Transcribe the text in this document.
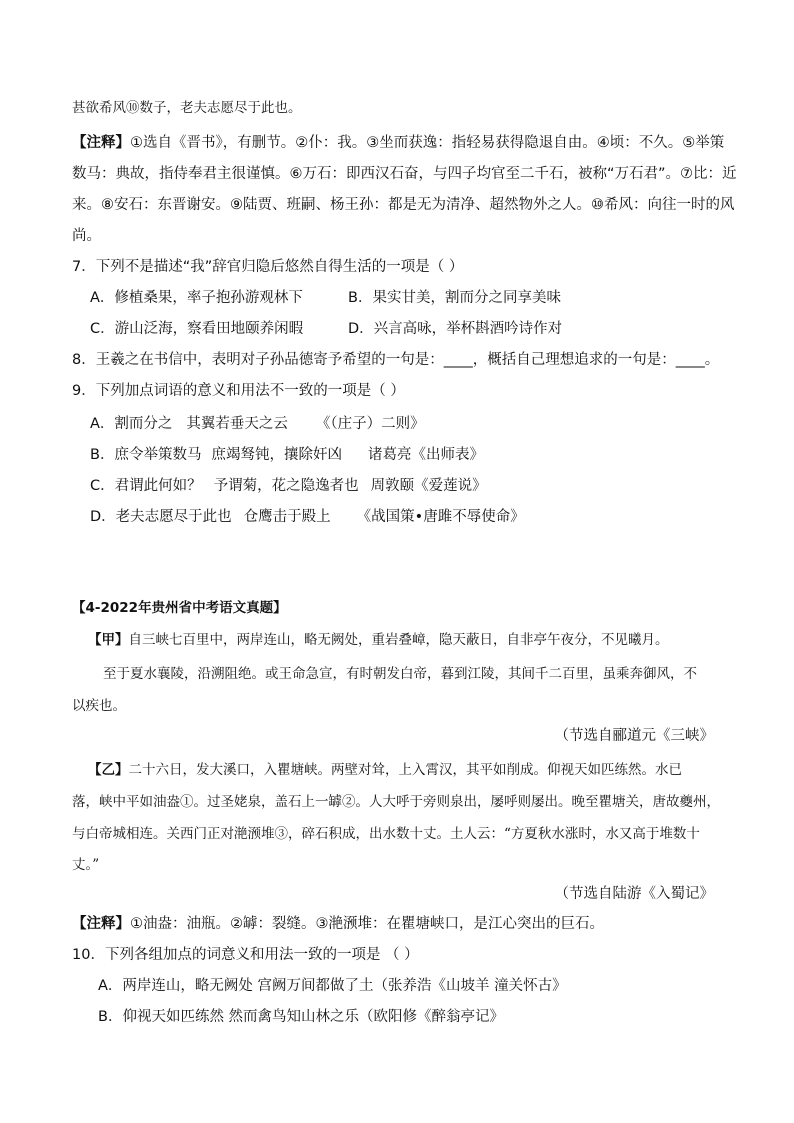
甚欲希风⑩数子，老夫志愿尽于此也。
【注释】①选自《晋书》，有删节。②仆：我。③坐而获逸：指轻易获得隐退自由。④顷：不久。⑤举策
数马：典故，指侍奉君主很谨慎。⑥万石：即西汉石奋，与四子均官至二千石，被称“万石君”。⑦比：近
来。⑧安石：东晋谢安。⑨陆贾、班嗣、杨王孙：都是无为清净、超然物外之人。⑩希风：向往一时的风
尚。
7．下列不是描述“我”辞官归隐后悠然自得生活的一项是（ ）
A．修植桑果，率子抱孙游观林下	B．果实甘美，割而分之同享美味
C．游山泛海，察看田地颐养闲暇	D．兴言高咏，举杯斟酒吟诗作对
8．王羲之在书信中，表明对子孙品德寄予希望的一句是：____，概括自己理想追求的一句是：____。
9．下列加点词语的意义和用法不一致的一项是（ ）
A．割而分之 其翼若垂天之云 《（庄子）二则》
B．庶令举策数马 庶竭驽钝，攘除奸凶 诸葛亮《出师表》
C．君谓此何如？ 予谓菊，花之隐逸者也 周敦颐《爱莲说》
D．老夫志愿尽于此也 仓鹰击于殿上 《战国策•唐雎不辱使命》
【4-2022年贵州省中考语文真题】
【甲】自三峡七百里中，两岸连山，略无阙处，重岩叠嶂，隐天蔽日，自非亭午夜分，不见曦月。
至于夏水襄陵，沿溯阻绝。或王命急宣，有时朝发白帝，暮到江陵，其间千二百里，虽乘奔御风，不
以疾也。
（节选自郦道元《三峡》
【乙】二十六日，发大溪口，入瞿塘峡。两壁对耸，上入霄汉，其平如削成。仰视天如匹练然。水已
落，峡中平如油盎①。过圣姥泉，盖石上一罅②。人大呼于旁则泉出，屡呼则屡出。晚至瞿塘关，唐故夔州，
与白帝城相连。关西门正对滟滪堆③，碎石积成，出水数十丈。土人云：“方夏秋水涨时，水又高于堆数十
丈。”
（节选自陆游《入蜀记》
【注释】①油盎：油瓶。②罅：裂缝。③滟滪堆：在瞿塘峡口，是江心突出的巨石。
10．下列各组加点的词意义和用法一致的一项是 （ ）
A．两岸连山，略无阙处 宫阙万间都做了土（张养浩《山坡羊 潼关怀古》
B．仰视天如匹练然 然而禽鸟知山林之乐（欧阳修《醉翁亭记》
